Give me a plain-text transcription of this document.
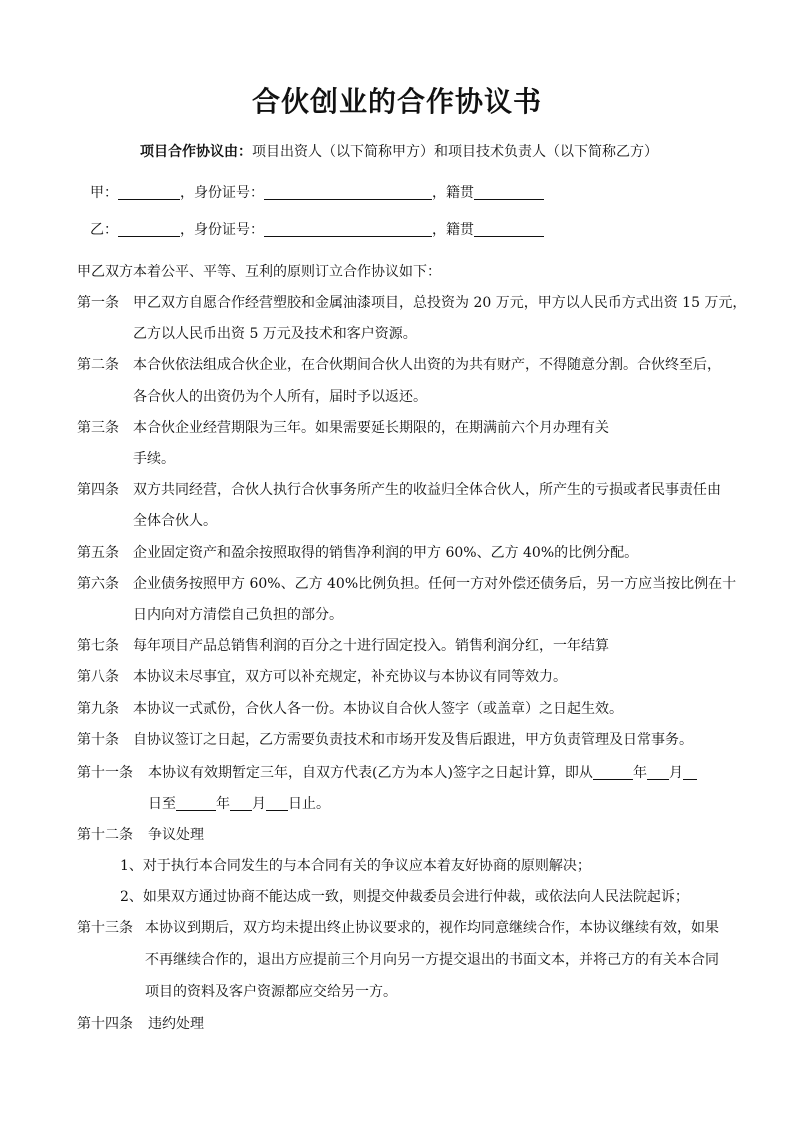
合伙创业的合作协议书
项目合作协议由：项目出资人（以下简称甲方）和项目技术负责人（以下简称乙方）
甲：	，身份证号：	，籍贯
乙：	，身份证号：	，籍贯
甲乙双方本着公平、平等、互利的原则订立合作协议如下：
第一条 甲乙双方自愿合作经营塑胶和金属油漆项目，总投资为 20 万元，甲方以人民币方式出资 15 万元，
乙方以人民币出资 5 万元及技术和客户资源。
第二条 本合伙依法组成合伙企业，在合伙期间合伙人出资的为共有财产，不得随意分割。合伙终至后，
各合伙人的出资仍为个人所有，届时予以返还。
第三条 本合伙企业经营期限为三年。如果需要延长期限的，在期满前六个月办理有关
手续。
第四条 双方共同经营，合伙人执行合伙事务所产生的收益归全体合伙人，所产生的亏损或者民事责任由
全体合伙人。
第五条 企业固定资产和盈余按照取得的销售净利润的甲方 60%、乙方 40%的比例分配。
第六条 企业债务按照甲方 60%、乙方 40%比例负担。任何一方对外偿还债务后，另一方应当按比例在十
日内向对方清偿自己负担的部分。
第七条 每年项目产品总销售利润的百分之十进行固定投入。销售利润分红，一年结算
第八条 本协议未尽事宜，双方可以补充规定，补充协议与本协议有同等效力。
第九条 本协议一式贰份，合伙人各一份。本协议自合伙人签字（或盖章）之日起生效。
第十条 自协议签订之日起，乙方需要负责技术和市场开发及售后跟进，甲方负责管理及日常事务。
第十一条 本协议有效期暂定三年，自双方代表(乙方为本人)签字之日起计算，即从	年 月
日至	年 月 日止。
第十二条 争议处理
1、对于执行本合同发生的与本合同有关的争议应本着友好协商的原则解决；
2、如果双方通过协商不能达成一致，则提交仲裁委员会进行仲裁，或依法向人民法院起诉；
第十三条 本协议到期后，双方均未提出终止协议要求的，视作均同意继续合作，本协议继续有效，如果
不再继续合作的，退出方应提前三个月向另一方提交退出的书面文本，并将己方的有关本合同
项目的资料及客户资源都应交给另一方。
第十四条 违约处理
